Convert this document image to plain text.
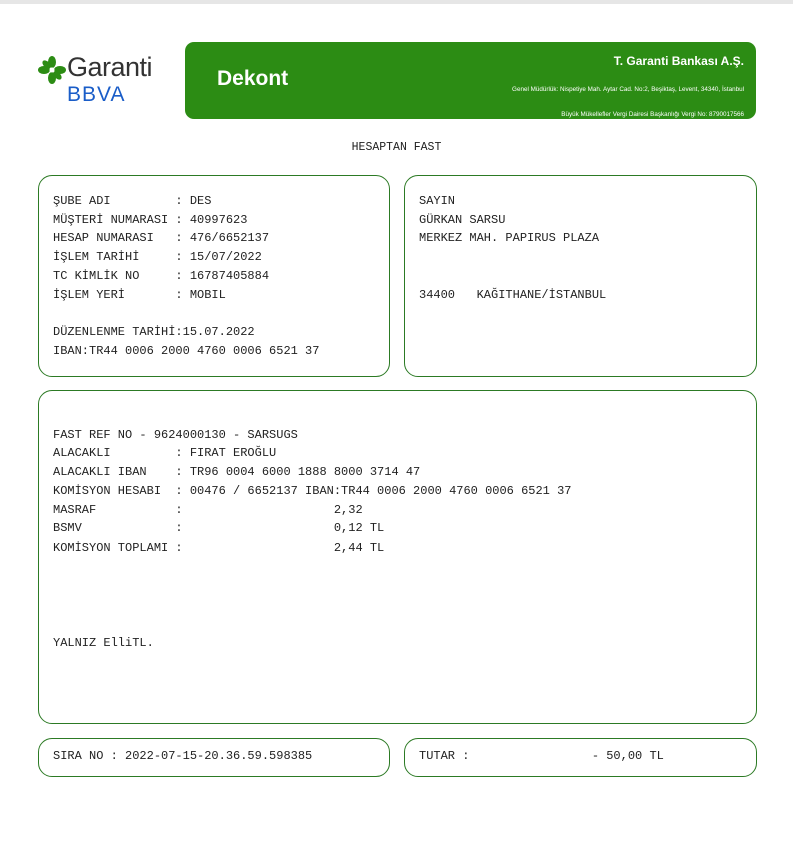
Garanti
BBVA
Dekont
T. Garanti Bankası A.Ş.

Genel Müdürlük: Nispetiye Mah. Aytar Cad. No:2, Beşiktaş, Levent, 34340, İstanbul

Büyük Mükellefler Vergi Dairesi Başkanlığı Vergi No: 8790017566

Mersis Numarası: 0879 0017 5660 0379

www.garantibbva.com.tr

HESAPTAN FAST
ŞUBE ADI         : DES
MÜŞTERİ NUMARASI : 40997623
HESAP NUMARASI   : 476/6652137
İŞLEM TARİHİ     : 15/07/2022
TC KİMLİK NO     : 16787405884
İŞLEM YERİ       : MOBIL
DÜZENLENME TARİHİ:15.07.2022
IBAN:TR44 0006 2000 4760 0006 6521 37
SAYIN
GÜRKAN SARSU
MERKEZ MAH. PAPIRUS PLAZA
34400   KAĞITHANE/İSTANBUL
FAST REF NO - 9624000130 - SARSUGS
ALACAKLI         : FIRAT EROĞLU
ALACAKLI IBAN    : TR96 0004 6000 1888 8000 3714 47
KOMİSYON HESABI  : 00476 / 6652137 IBAN:TR44 0006 2000 4760 0006 6521 37
MASRAF           :                     2,32
BSMV             :                     0,12 TL
KOMİSYON TOPLAMI :                     2,44 TL
YALNIZ ElliTL.
SIRA NO : 2022-07-15-20.36.59.598385	TUTAR :                 - 50,00 TL
